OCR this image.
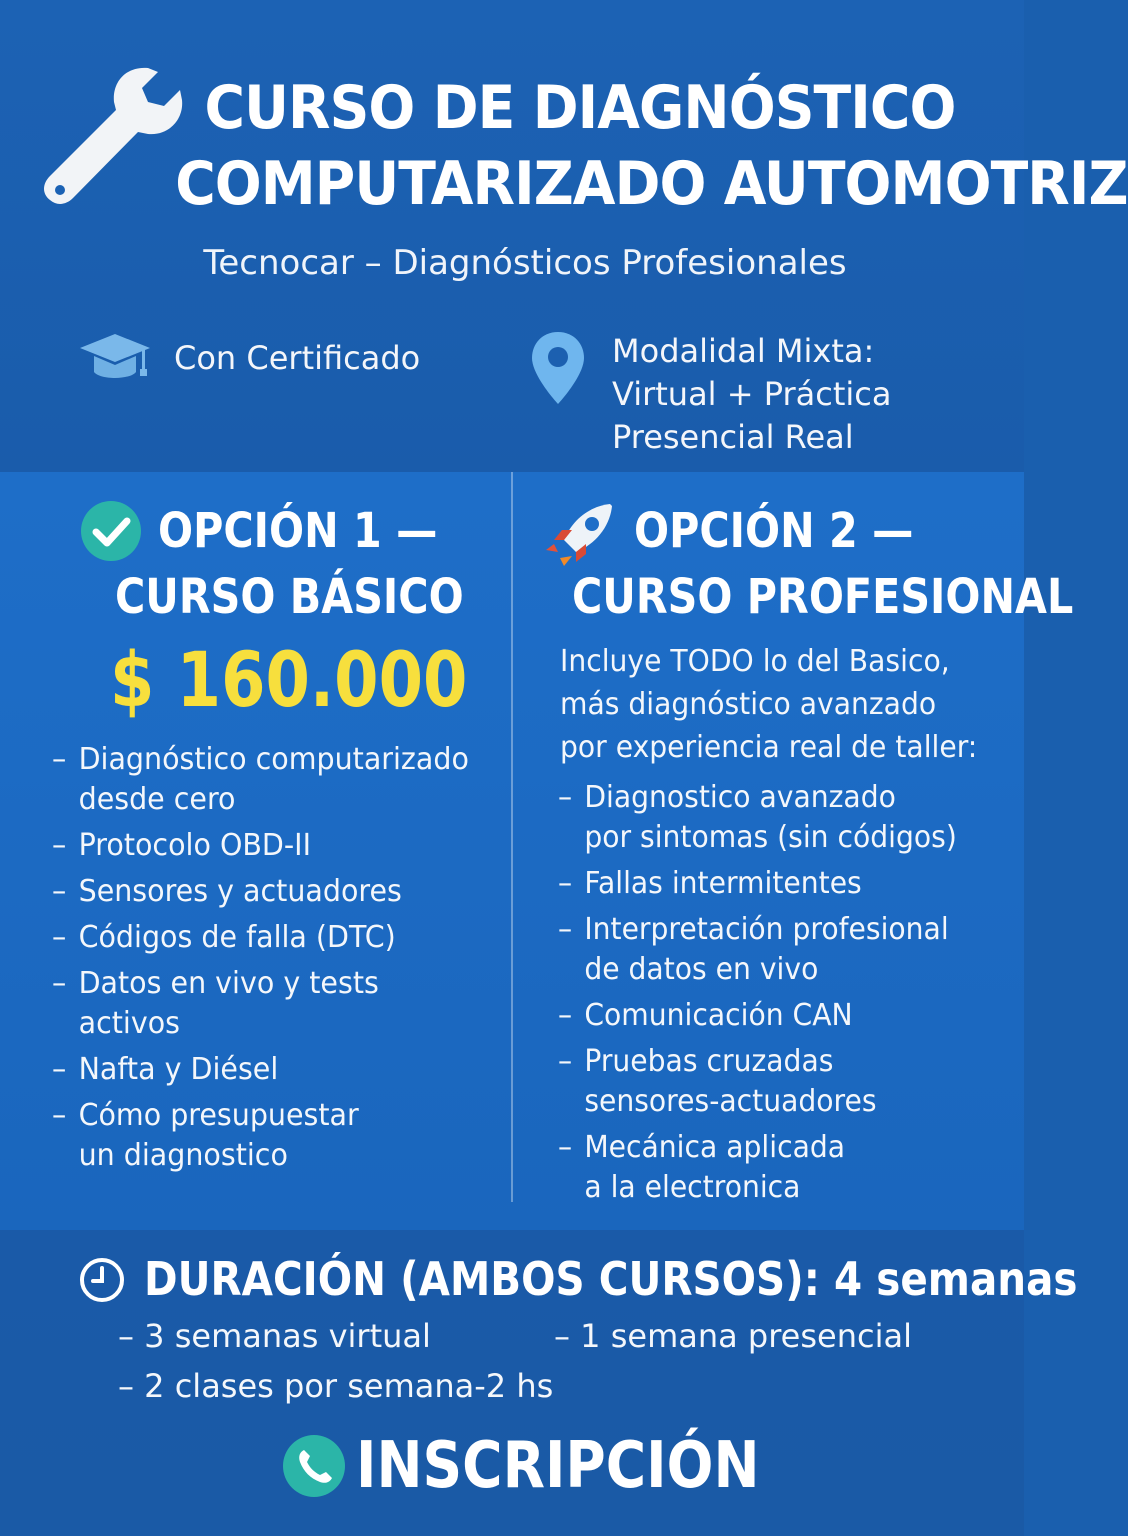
CURSO DE DIAGNÓSTICO
COMPUTARIZADO AUTOMOTRIZ
Tecnocar – Diagnósticos Profesionales
Con Certificado	Modalidal Mixta:
Virtual + Práctica
Presencial Real
OPCIÓN 1 —
CURSO BÁSICO
$ 160.000
– Diagnóstico computarizado
desde cero
– Protocolo OBD-II
– Sensores y actuadores
– Códigos de falla (DTC)
– Datos en vivo y tests activos
– Nafta y Diésel
– Cómo presupuestar
un diagnostico
OPCIÓN 2 —
CURSO PROFESIONAL
Incluye TODO lo del Basico,
más diagnóstico avanzado
por experiencia real de taller:
– Diagnostico avanzado
por sintomas (sin códigos)
– Fallas intermitentes
– Interpretación profesional
de datos en vivo
– Comunicación CAN
– Pruebas cruzadas
sensores-actuadores
– Mecánica aplicada
a la electronica
DURACIÓN (AMBOS CURSOS): 4 semanas
– 3 semanas virtual
–	1 semana presencial
– 2 clases por semana-2 hs
INSCRIPCIÓN
